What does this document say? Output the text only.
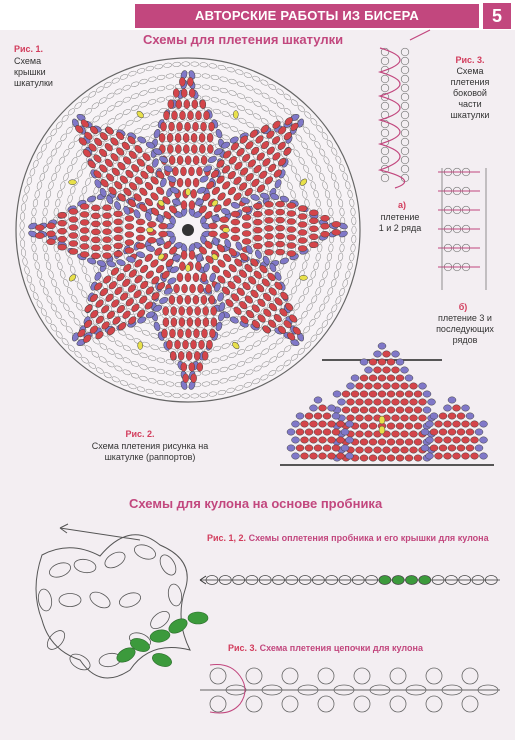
АВТОРСКИЕ РАБОТЫ ИЗ БИСЕРА	5
Схемы для плетения шкатулки
Рис. 1.
Схема
крышки
шкатулки
Рис. 3.
Схема
плетения
боковой
части
шкатулки
а)
плетение
1 и 2 ряда
б)
плетение 3 и
последующих
рядов
Рис. 2.
Схема плетения рисунка на
шкатулке (раппортов)
Схемы для кулона на основе пробника
Рис. 1, 2. Схемы оплетения пробника и его крышки для кулона
Рис. 3. Схема плетения цепочки для кулона
